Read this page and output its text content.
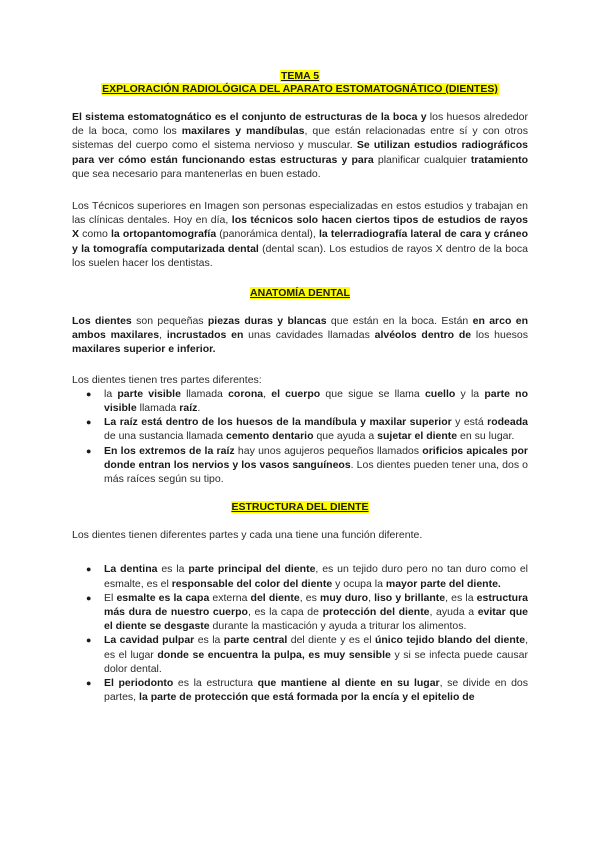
TEMA 5
EXPLORACIÓN RADIOLÓGICA DEL APARATO ESTOMATOGNÁTICO (DIENTES)

El sistema estomatognático es el conjunto de estructuras de la boca y los huesos alrededor de la boca, como los maxilares y mandíbulas, que están relacionadas entre sí y con otros sistemas del cuerpo como el sistema nervioso y muscular. Se utilizan estudios radiográficos para ver cómo están funcionando estas estructuras y para planificar cualquier tratamiento que sea necesario para mantenerlas en buen estado.

Los Técnicos superiores en Imagen son personas especializadas en estos estudios y trabajan en las clínicas dentales. Hoy en día, los técnicos solo hacen ciertos tipos de estudios de rayos X como la ortopantomografía (panorámica dental), la telerradiografía lateral de cara y cráneo y la tomografía computarizada dental (dental scan). Los estudios de rayos X dentro de la boca los suelen hacer los dentistas.

ANATOMÍA DENTAL

Los dientes son pequeñas piezas duras y blancas que están en la boca. Están en arco en ambos maxilares, incrustados en unas cavidades llamadas alvéolos dentro de los huesos maxilares superior e inferior.

Los dientes tienen tres partes diferentes:

● la parte visible llamada corona, el cuerpo que sigue se llama cuello y la parte no visible llamada raíz.
● La raíz está dentro de los huesos de la mandíbula y maxilar superior y está rodeada de una sustancia llamada cemento dentario que ayuda a sujetar el diente en su lugar.
● En los extremos de la raíz hay unos agujeros pequeños llamados orificios apicales por donde entran los nervios y los vasos sanguíneos. Los dientes pueden tener una, dos o más raíces según su tipo.
ESTRUCTURA DEL DIENTE

Los dientes tienen diferentes partes y cada una tiene una función diferente.

● La dentina es la parte principal del diente, es un tejido duro pero no tan duro como el esmalte, es el responsable del color del diente y ocupa la mayor parte del diente.
● El esmalte es la capa externa del diente, es muy duro, liso y brillante, es la estructura más dura de nuestro cuerpo, es la capa de protección del diente, ayuda a evitar que el diente se desgaste durante la masticación y ayuda a triturar los alimentos.
● La cavidad pulpar es la parte central del diente y es el único tejido blando del diente, es el lugar donde se encuentra la pulpa, es muy sensible y si se infecta puede causar dolor dental.
● El periodonto es la estructura que mantiene al diente en su lugar, se divide en dos partes, la parte de protección que está formada por la encía y el epitelio de
